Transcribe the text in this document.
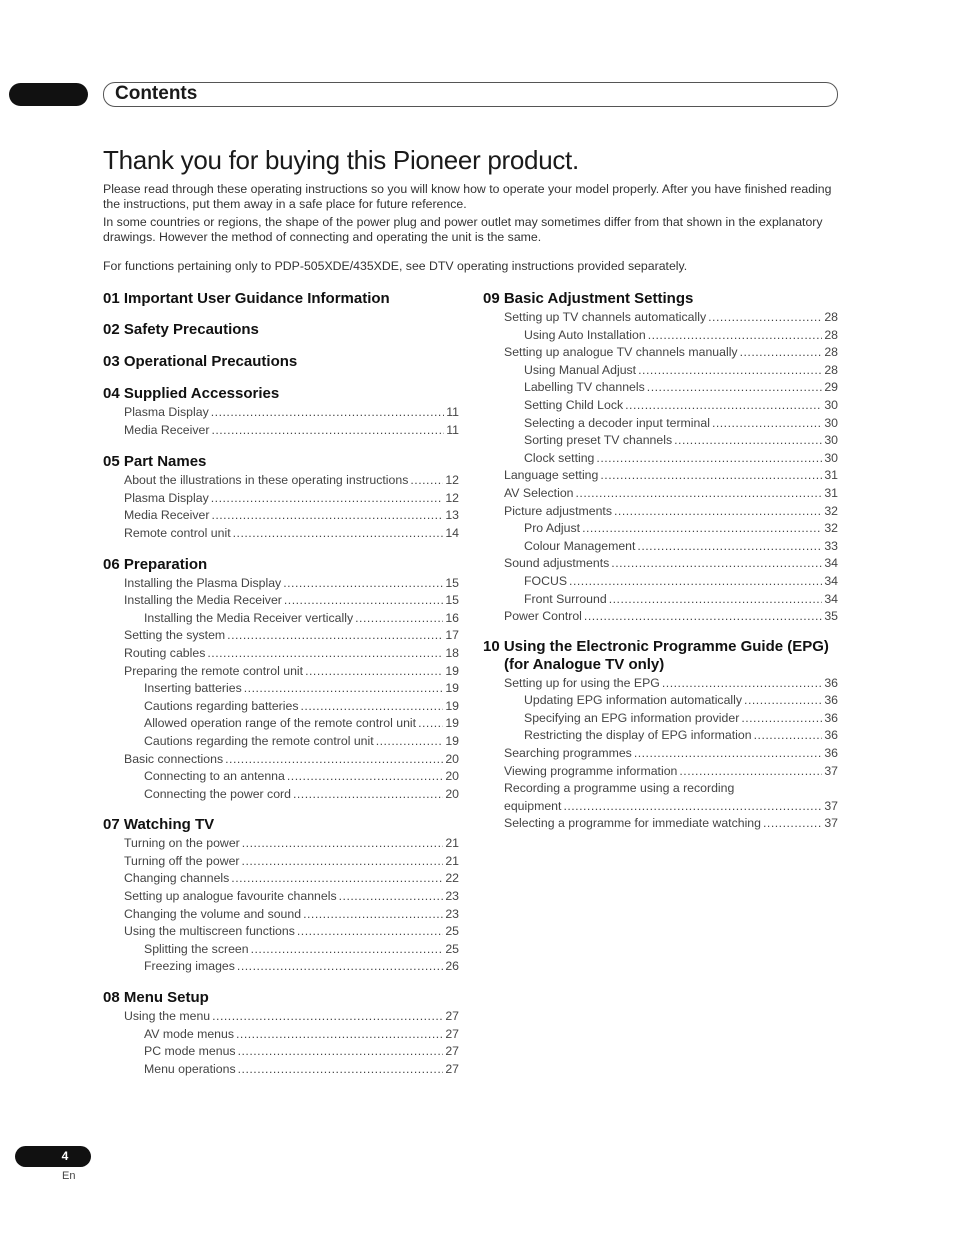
Contents
Thank you for buying this Pioneer product.

Please read through these operating instructions so you will know how to operate your model properly. After you have finished reading the instructions, put them away in a safe place for future reference.

In some countries or regions, the shape of the power plug and power outlet may sometimes differ from that shown in the explanatory drawings. However the method of connecting and operating the unit is the same.

For functions pertaining only to PDP-505XDE/435XDE, see DTV operating instructions provided separately.

01 Important User Guidance Information
02 Safety Precautions
03 Operational Precautions
04 Supplied Accessories
Plasma Display .....	11
Media Receiver .....	11
05 Part Names
About the illustrations in these operating instructions .....	12
Plasma Display .....	12
Media Receiver .....	13
Remote control unit .....	14
06 Preparation
Installing the Plasma Display .....	15
Installing the Media Receiver .....	15
Installing the Media Receiver vertically .....	16
Setting the system .....	17
Routing cables .....	18
Preparing the remote control unit .....	19
Inserting batteries .....	19
Cautions regarding batteries .....	19
Allowed operation range of the remote control unit ..... 19
Cautions regarding the remote control unit .....	19
Basic connections .....	20
Connecting to an antenna .....	20
Connecting the power cord .....	20
07 Watching TV
Turning on the power .....	21
Turning off the power .....	21
Changing channels .....	22
Setting up analogue favourite channels .....	23
Changing the volume and sound .....	23
Using the multiscreen functions .....	25
Splitting the screen .....	25
Freezing images .....	26
08 Menu Setup
Using the menu .....	27
AV mode menus .....	27
PC mode menus .....	27
Menu operations .....	27
09 Basic Adjustment Settings
Setting up TV channels automatically .....	28
Using Auto Installation .....	28
Setting up analogue TV channels manually .....	28
Using Manual Adjust .....	28
Labelling TV channels .....	29
Setting Child Lock .....	30
Selecting a decoder input terminal .....	30
Sorting preset TV channels .....	30
Clock setting .....	30
Language setting .....	31
AV Selection .....	31
Picture adjustments .....	32
Pro Adjust .....	32
Colour Management .....	33
Sound adjustments .....	34
FOCUS .....	34
Front Surround .....	34
Power Control .....	35
10 Using the Electronic Programme Guide (EPG)
(for Analogue TV only)
Setting up for using the EPG .....	36
Updating EPG information automatically .....	36
Specifying an EPG information provider .....	36
Restricting the display of EPG information .....	36
Searching programmes .....	36
Viewing programme information .....	37
Recording a programme using a recording
equipment .....	37
Selecting a programme for immediate watching .....	37
4
En
